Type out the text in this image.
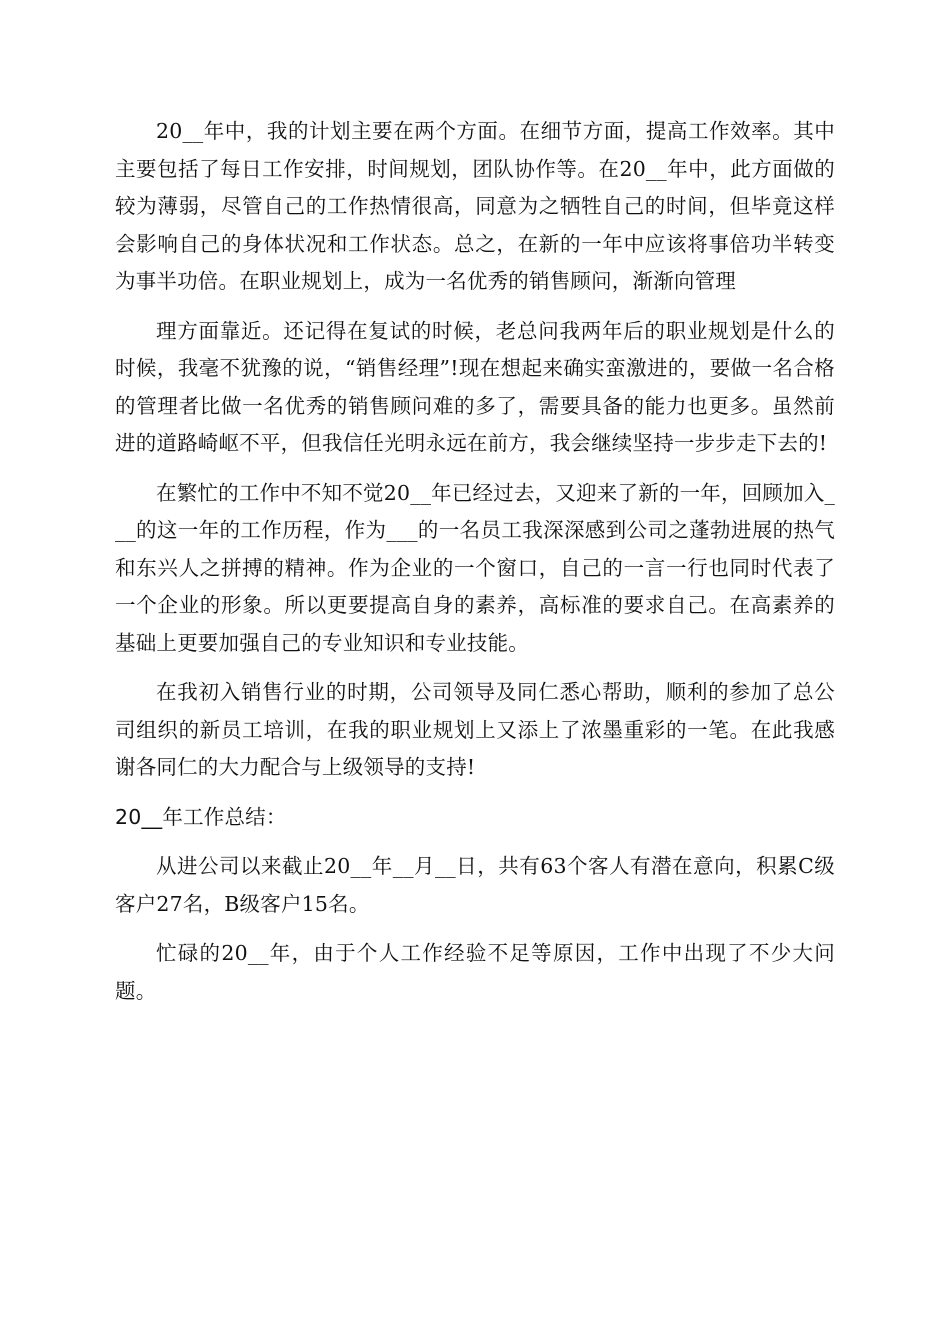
20__年中，我的计划主要在两个方面。在细节方面，提高工作效率。其中主要包括了每日工作安排，时间规划，团队协作等。在20__年中，此方面做的较为薄弱，尽管自己的工作热情很高，同意为之牺牲自己的时间，但毕竟这样会影响自己的身体状况和工作状态。总之，在新的一年中应该将事倍功半转变为事半功倍。在职业规划上，成为一名优秀的销售顾问，渐渐向管理

理方面靠近。还记得在复试的时候，老总问我两年后的职业规划是什么的时候，我毫不犹豫的说，“销售经理”!现在想起来确实蛮激进的，要做一名合格的管理者比做一名优秀的销售顾问难的多了，需要具备的能力也更多。虽然前进的道路崎岖不平，但我信任光明永远在前方，我会继续坚持一步步走下去的!

在繁忙的工作中不知不觉20__年已经过去，又迎来了新的一年，回顾加入___的这一年的工作历程，作为___的一名员工我深深感到公司之蓬勃进展的热气和东兴人之拼搏的精神。作为企业的一个窗口，自己的一言一行也同时代表了一个企业的形象。所以更要提高自身的素养，高标准的要求自己。在高素养的基础上更要加强自己的专业知识和专业技能。

在我初入销售行业的时期，公司领导及同仁悉心帮助，顺利的参加了总公司组织的新员工培训，在我的职业规划上又添上了浓墨重彩的一笔。在此我感谢各同仁的大力配合与上级领导的支持!

20__年工作总结：

从进公司以来截止20__年__月__日，共有63个客人有潜在意向，积累C级客户27名，B级客户15名。

忙碌的20__年，由于个人工作经验不足等原因，工作中出现了不少大问题。
